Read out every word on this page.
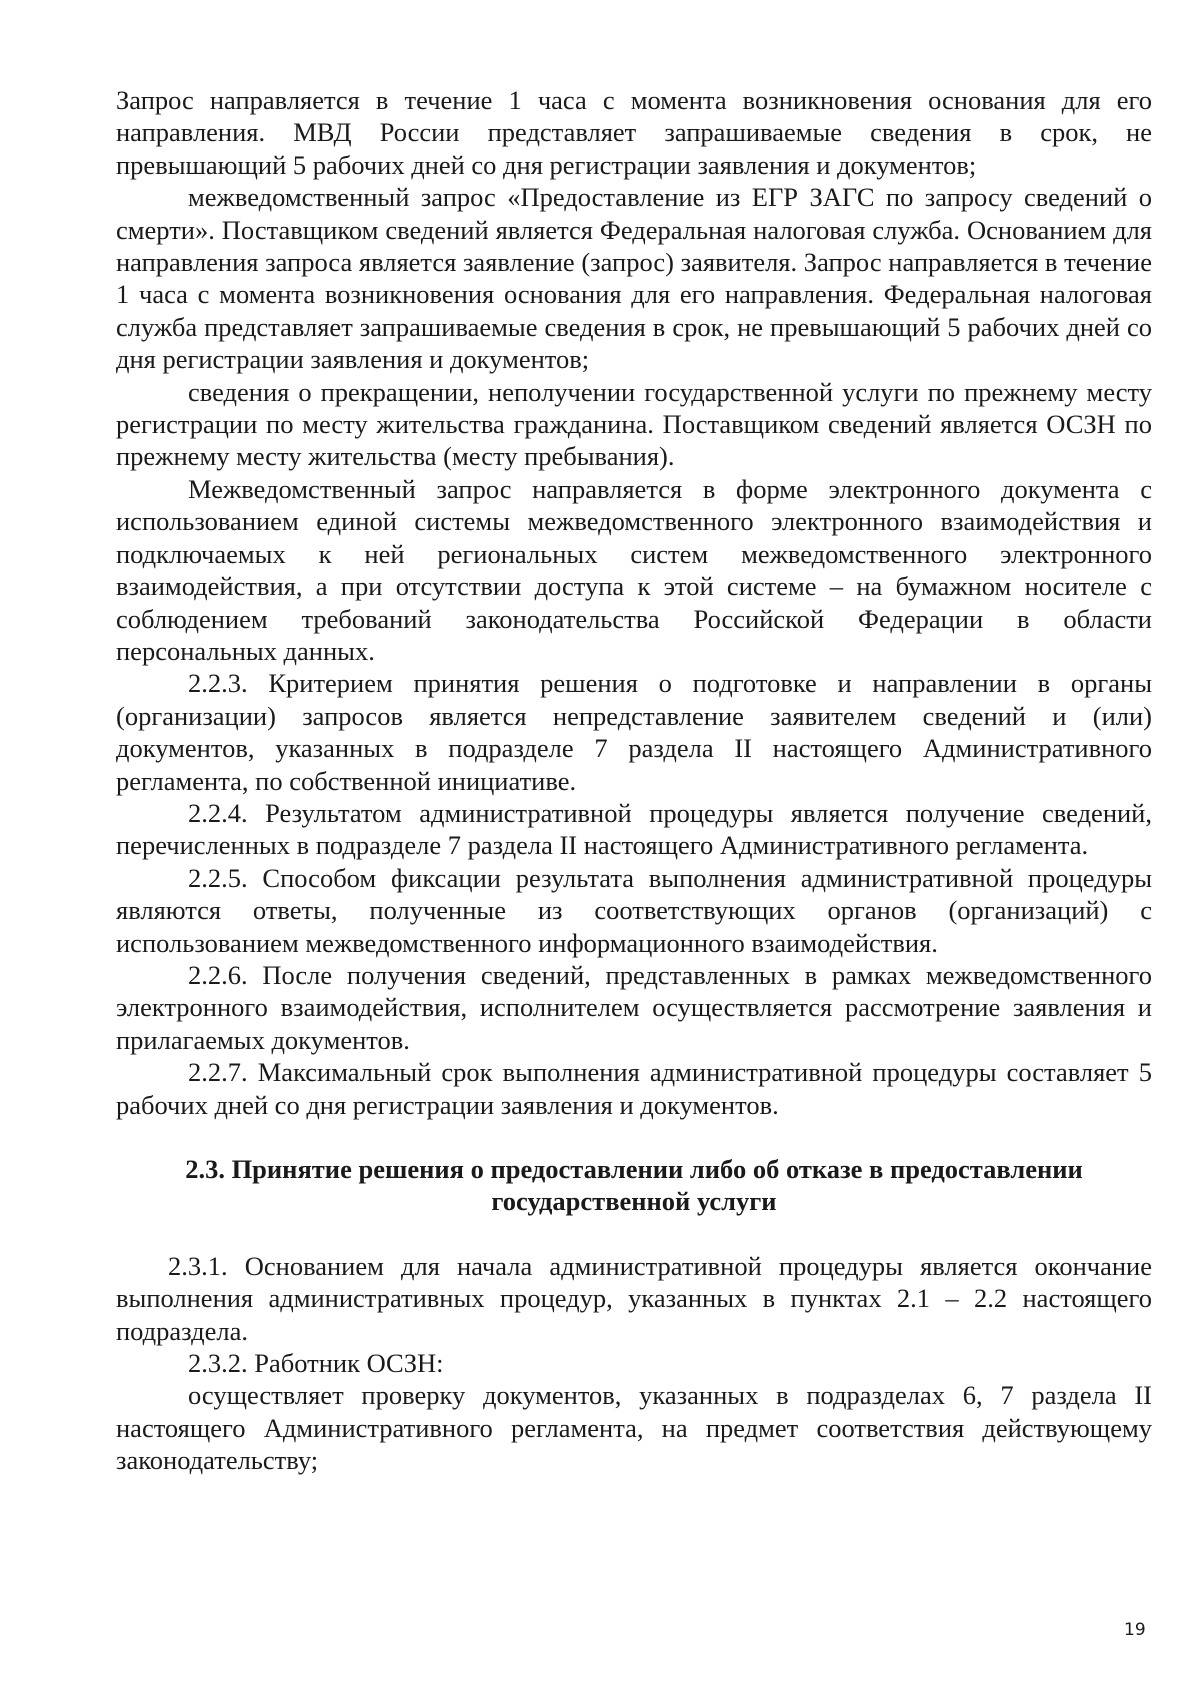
Запрос направляется в течение 1 часа с момента возникновения основания для его направления. МВД России представляет запрашиваемые сведения в срок, не превышающий 5 рабочих дней со дня регистрации заявления и документов;

межведомственный запрос «Предоставление из ЕГР ЗАГС по запросу сведений о смерти». Поставщиком сведений является Федеральная налоговая служба. Основанием для направления запроса является заявление (запрос) заявителя. Запрос направляется в течение 1 часа с момента возникновения основания для его направления. Федеральная налоговая служба представляет запрашиваемые сведения в срок, не превышающий 5 рабочих дней со дня регистрации заявления и документов;

сведения о прекращении, неполучении государственной услуги по прежнему месту регистрации по месту жительства гражданина. Поставщиком сведений является ОСЗН по прежнему месту жительства (месту пребывания).

Межведомственный запрос направляется в форме электронного документа с использованием единой системы межведомственного электронного взаимодействия и подключаемых к ней региональных систем межведомственного электронного взаимодействия, а при отсутствии доступа к этой системе – на бумажном носителе с соблюдением требований законодательства Российской Федерации в области персональных данных.

2.2.3. Критерием принятия решения о подготовке и направлении в органы (организации) запросов является непредставление заявителем сведений и (или) документов, указанных в подразделе 7 раздела II настоящего Административного регламента, по собственной инициативе.

2.2.4. Результатом административной процедуры является получение сведений, перечисленных в подразделе 7 раздела II настоящего Административного регламента.

2.2.5. Способом фиксации результата выполнения административной процедуры являются ответы, полученные из соответствующих органов (организаций) с использованием межведомственного информационного взаимодействия.

2.2.6. После получения сведений, представленных в рамках межведомственного электронного взаимодействия, исполнителем осуществляется рассмотрение заявления и прилагаемых документов.

2.2.7. Максимальный срок выполнения административной процедуры составляет 5 рабочих дней со дня регистрации заявления и документов.

2.3. Принятие решения о предоставлении либо об отказе в предоставлении государственной услуги

2.3.1. Основанием для начала административной процедуры является окончание выполнения административных процедур, указанных в пунктах 2.1 – 2.2 настоящего подраздела.

2.3.2. Работник ОСЗН:

осуществляет проверку документов, указанных в подразделах 6, 7 раздела II настоящего Административного регламента, на предмет соответствия действующему законодательству;

19
